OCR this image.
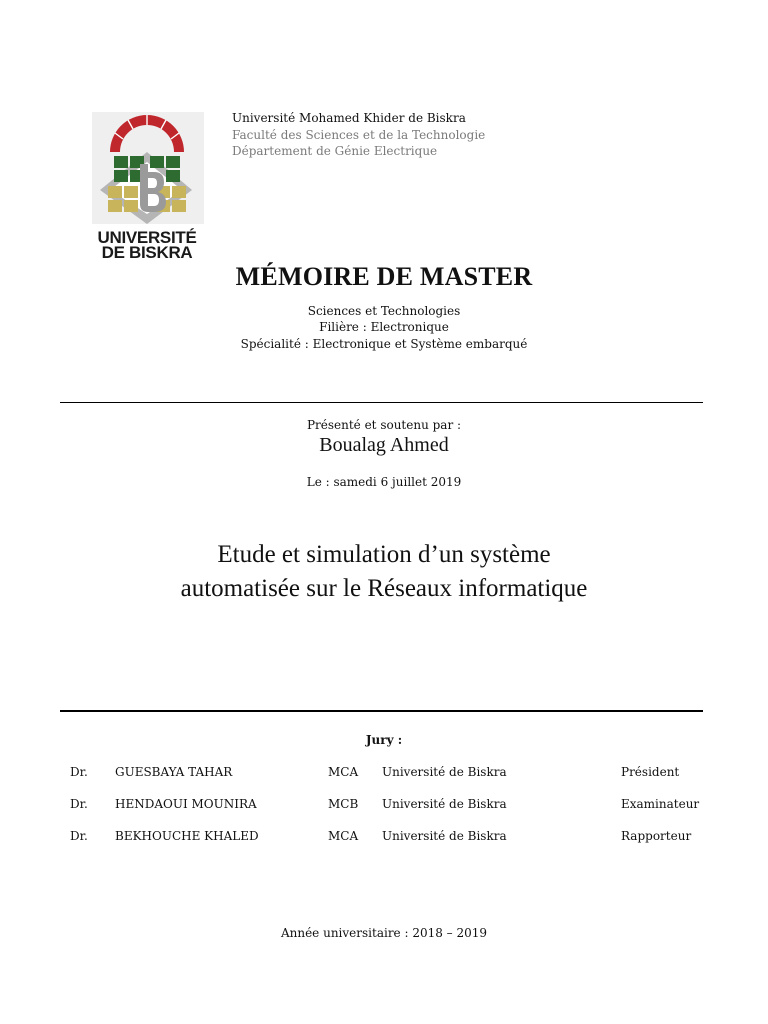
UNIVERSITÉ
DE BISKRA
Université Mohamed Khider de Biskra
Faculté des Sciences et de la Technologie
Département de Génie Electrique
MÉMOIRE DE MASTER
Sciences et Technologies
Filière : Electronique
Spécialité : Electronique et Système embarqué
Présenté et soutenu par :
Boualag Ahmed
Le : samedi 6 juillet 2019
Etude et simulation d’un système
automatisée sur le Réseaux informatique
Jury :
Dr. GUESBAYA TAHAR	MCA Université de Biskra	Président
Dr. HENDAOUI MOUNIRA	MCB Université de Biskra	Examinateur
Dr. BEKHOUCHE KHALED	MCA Université de Biskra	Rapporteur
Année universitaire : 2018 – 2019
